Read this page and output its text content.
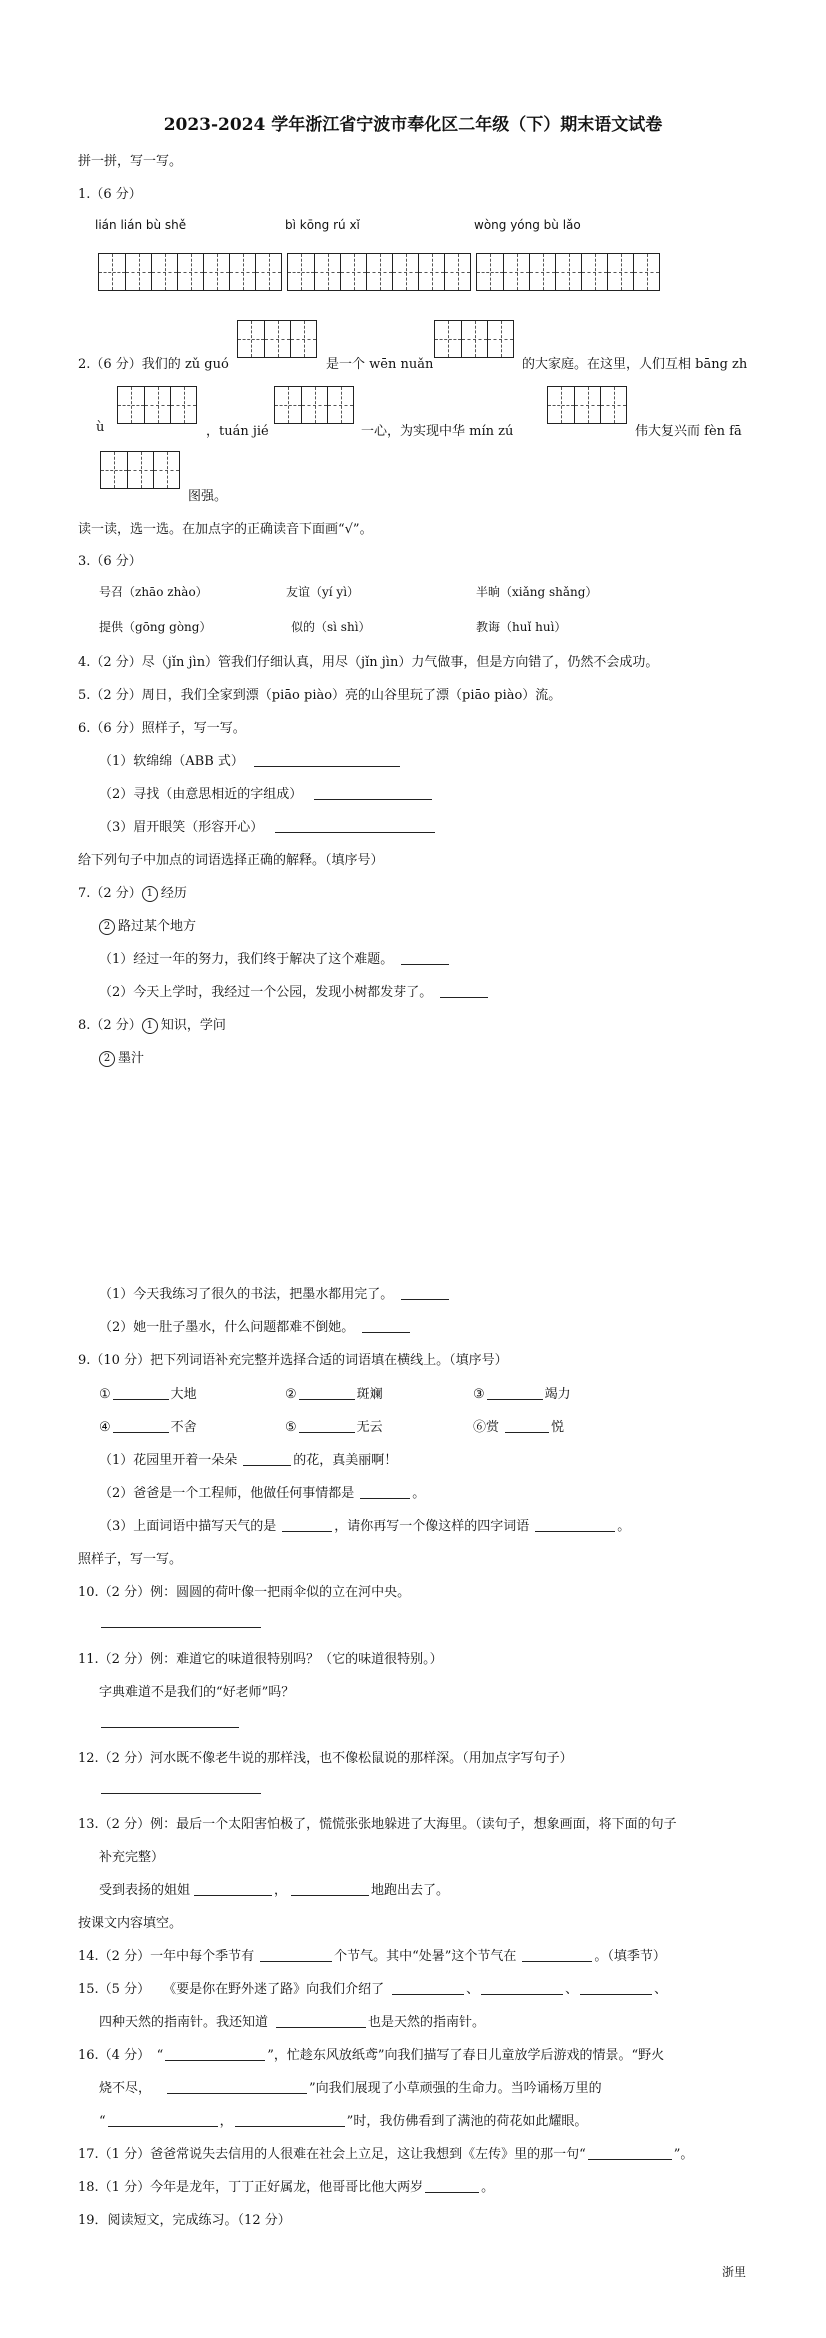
2023-2024 学年浙江省宁波市奉化区二年级（下）期末语文试卷
拼一拼，写一写。
1.（6 分）
lián lián bù shě	bì kōng rú xǐ	wòng yóng bù lǎo
2.（6 分）我们的 zǔ guó	是一个 wēn nuǎn	的大家庭。在这里，人们互相 bāng zh
ù	，tuán jié	一心，为实现中华 mín zú	伟大复兴而 fèn fā
图强。
读一读，选一选。在加点字的正确读音下面画“√”。
3.（6 分）
号召（zhāo zhào）	友谊（yí yì）	半晌（xiǎng shǎng）
提供（gōng gòng）	似的（sì shì）	教诲（huǐ huì）
4.（2 分）尽（jǐn jìn）管我们仔细认真，用尽（jǐn jìn）力气做事，但是方向错了，仍然不会成功。
5.（2 分）周日，我们全家到漂（piāo piào）亮的山谷里玩了漂（piāo piào）流。
6.（6 分）照样子，写一写。
（1）软绵绵（ABB 式）
（2）寻找（由意思相近的字组成）
（3）眉开眼笑（形容开心）
给下列句子中加点的词语选择正确的解释。（填序号）
7.（2 分） 1 经历
2 路过某个地方
（1）经过一年的努力，我们终于解决了这个难题。
（2）今天上学时，我经过一个公园，发现小树都发芽了。
8.（2 分） 1 知识，学问
2 墨汁
（1）今天我练习了很久的书法，把墨水都用完了。
（2）她一肚子墨水，什么问题都难不倒她。
9.（10 分）把下列词语补充完整并选择合适的词语填在横线上。（填序号）
①	大地	②	斑斓	③	竭力
④	不舍	⑤	无云	⑥赏	悦
（1）花园里开着一朵朵	的花，真美丽啊！
（2）爸爸是一个工程师，他做任何事情都是	。
（3）上面词语中描写天气的是	，请你再写一个像这样的四字词语	。
照样子，写一写。
10.（2 分）例：圆圆的荷叶像一把雨伞似的立在河中央。
11.（2 分）例：难道它的味道很特别吗？（它的味道很特别。）
字典难道不是我们的“好老师”吗？
12.（2 分）河水既不像老牛说的那样浅，也不像松鼠说的那样深。（用加点字写句子）
13.（2 分）例：最后一个太阳害怕极了，慌慌张张地躲进了大海里。（读句子，想象画面，将下面的句子
补充完整）
受到表扬的姐姐	，	地跑出去了。
按课文内容填空。
14.（2 分）一年中每个季节有	个节气。其中“处暑”这个节气在	。（填季节）
15.（5 分）　　《要是你在野外迷了路》向我们介绍了	、	、	、
四种天然的指南针。我还知道	也是天然的指南针。
16.（4 分）　“	”，忙趁东风放纸鸢”向我们描写了春日儿童放学后游戏的情景。“野火
烧不尽，	”向我们展现了小草顽强的生命力。当吟诵杨万里的
“	，	”时，我仿佛看到了满池的荷花如此耀眼。
17.（1 分）爸爸常说失去信用的人很难在社会上立足，这让我想到《左传》里的那一句“	”。
18.（1 分）今年是龙年，丁丁正好属龙，他哥哥比他大两岁	。
19．阅读短文，完成练习。（12 分）
浙里
